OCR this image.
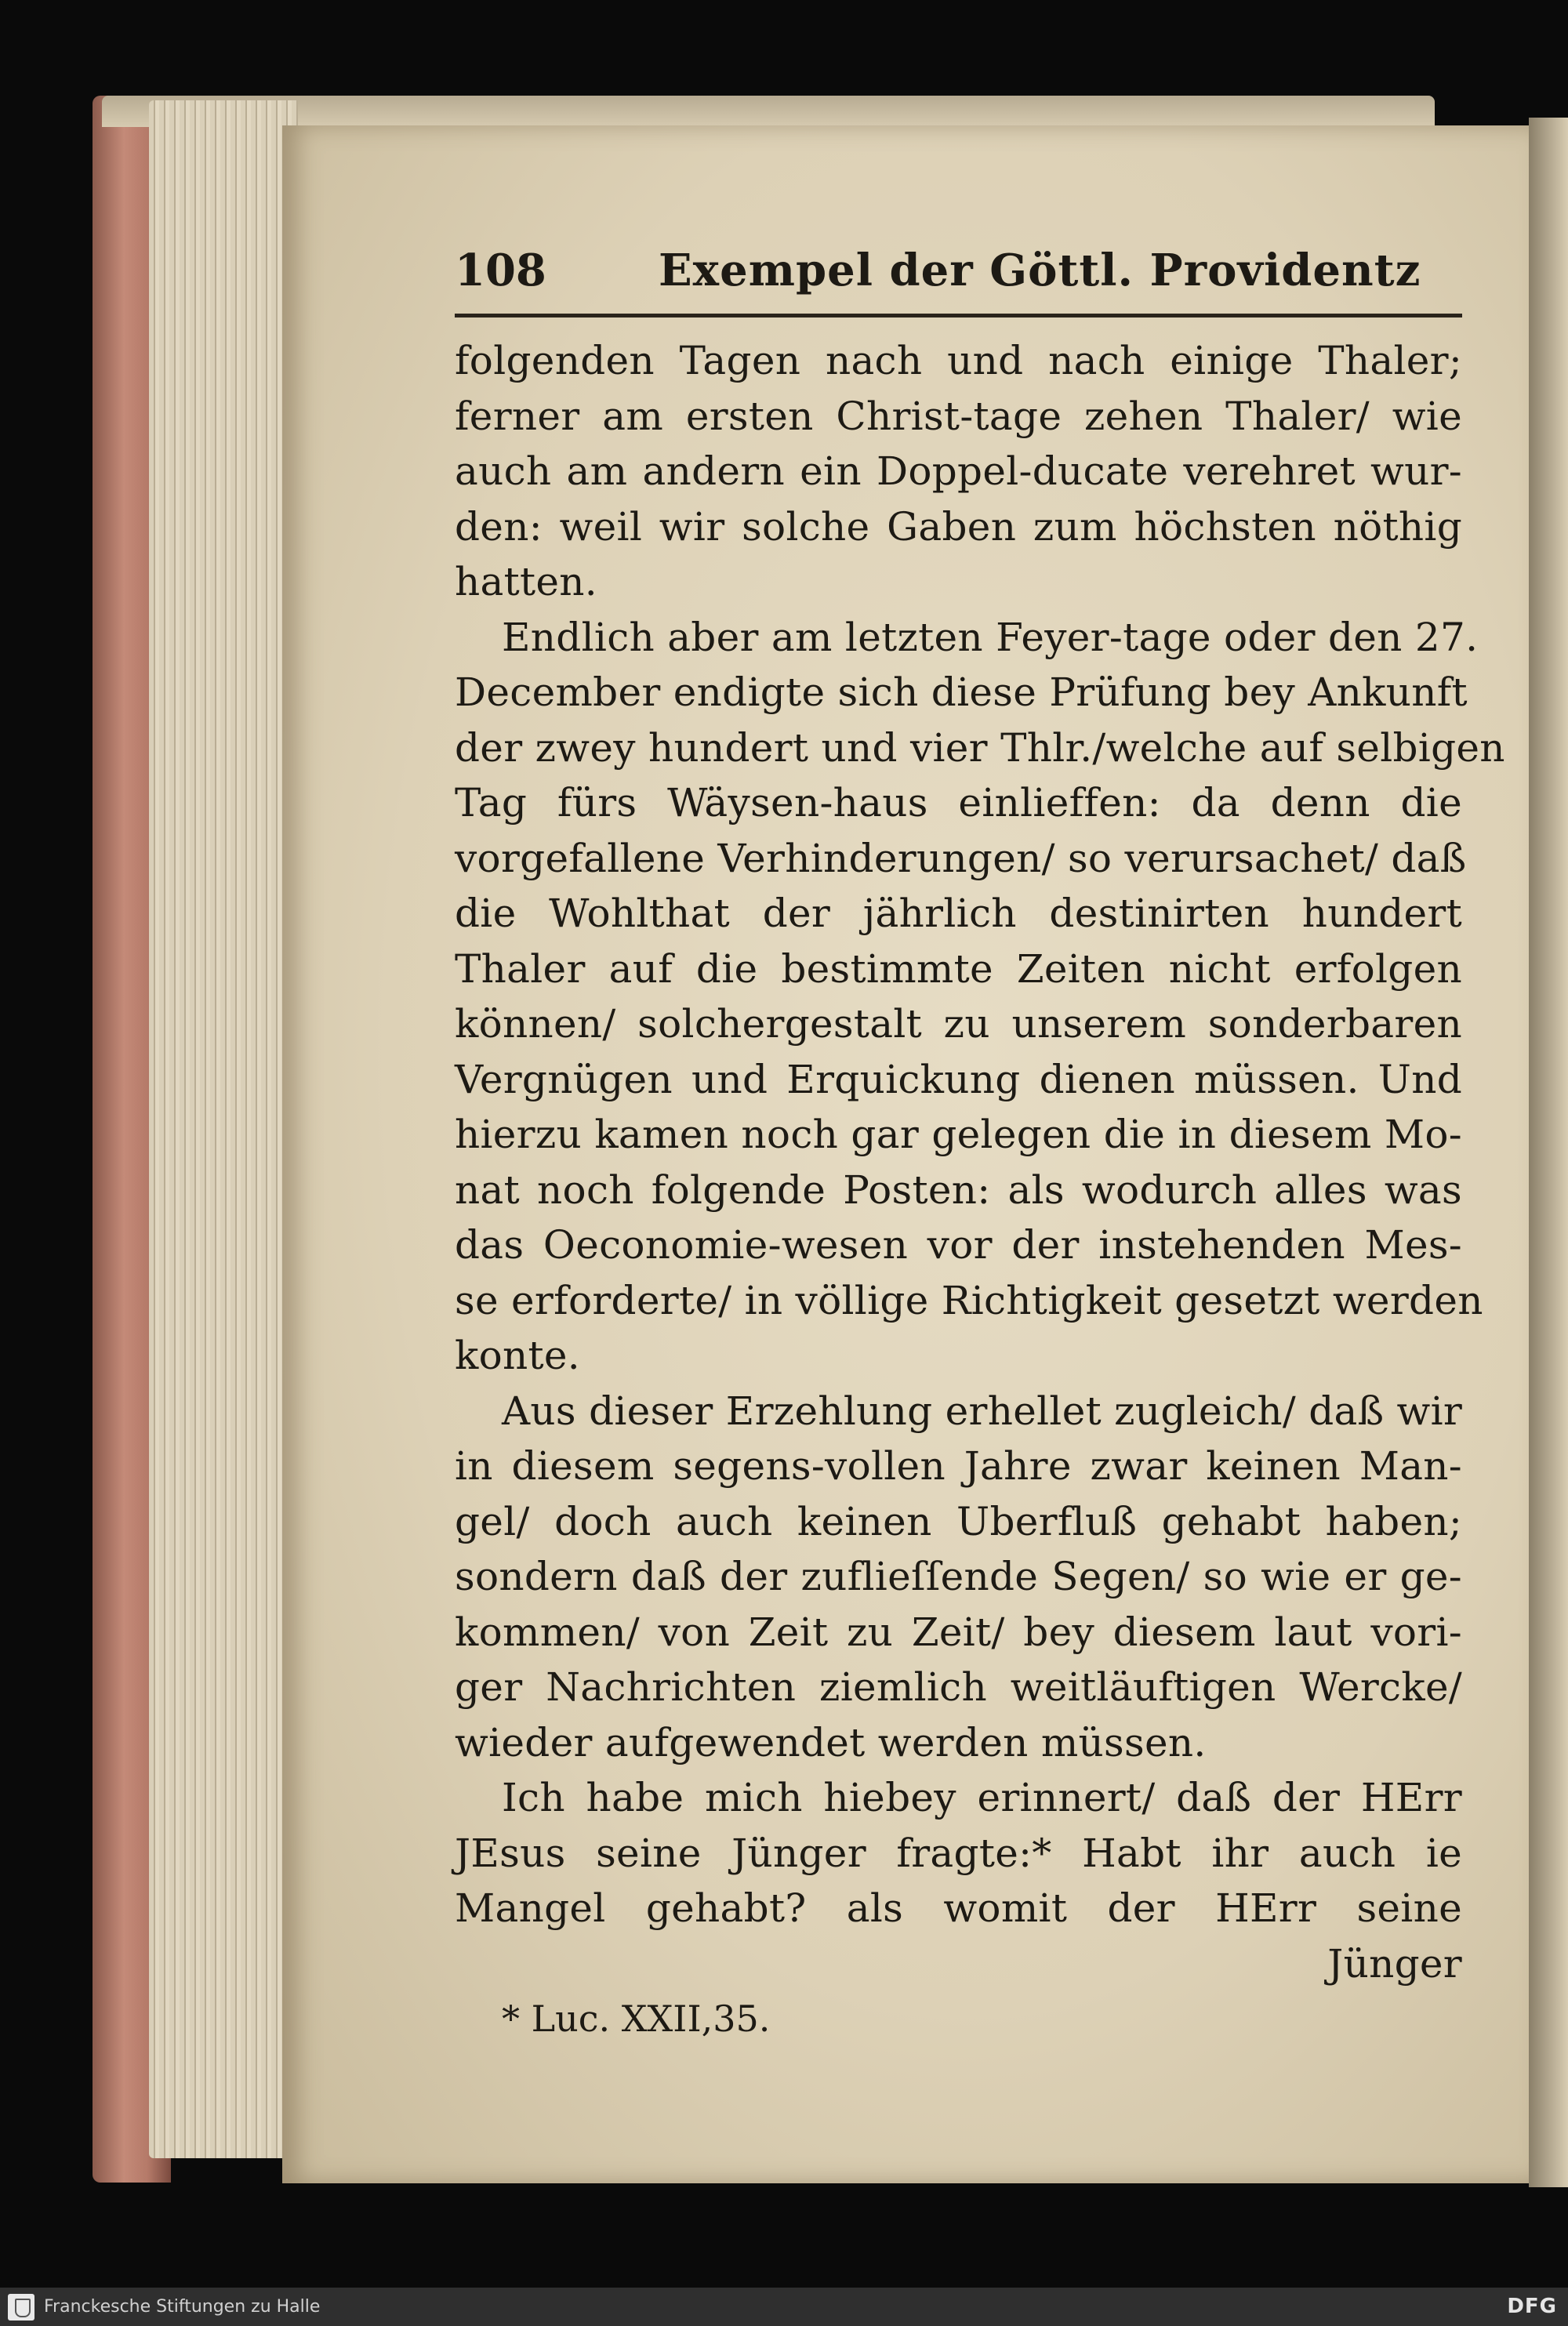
108	Exempel der Göttl. Providentz
folgenden Tagen nach und nach einige Thaler;
ferner am ersten Christ-tage zehen Thaler/ wie
auch am andern ein Doppel-ducate verehret wur-
den: weil wir solche Gaben zum höchsten nöthig
hatten.
Endlich aber am letzten Feyer-tage oder den 27.
December endigte sich diese Prüfung bey Ankunft
der zwey hundert und vier Thlr./welche auf selbigen
Tag fürs Wäysen-haus einlieffen: da denn die
vorgefallene Verhinderungen/ so verursachet/ daß
die Wohlthat der jährlich destinirten hundert
Thaler auf die bestimmte Zeiten nicht erfolgen
können/ solchergestalt zu unserem sonderbaren
Vergnügen und Erquickung dienen müssen. Und
hierzu kamen noch gar gelegen die in diesem Mo-
nat noch folgende Posten: als wodurch alles was
das Oeconomie-wesen vor der instehenden Mes-
se erforderte/ in völlige Richtigkeit gesetzt werden
konte.
Aus dieser Erzehlung erhellet zugleich/ daß wir
in diesem segens-vollen Jahre zwar keinen Man-
gel/ doch auch keinen Uberfluß gehabt haben;
sondern daß der zuflieſſende Segen/ so wie er ge-
kommen/ von Zeit zu Zeit/ bey diesem laut vori-
ger Nachrichten ziemlich weitläuftigen Wercke/
wieder aufgewendet werden müssen.
Ich habe mich hiebey erinnert/ daß der HErr
JEsus seine Jünger fragte:* Habt ihr auch ie
Mangel gehabt? als womit der HErr seine
Jünger
* Luc. XXII,35.
Franckesche Stiftungen zu Halle	DFG
